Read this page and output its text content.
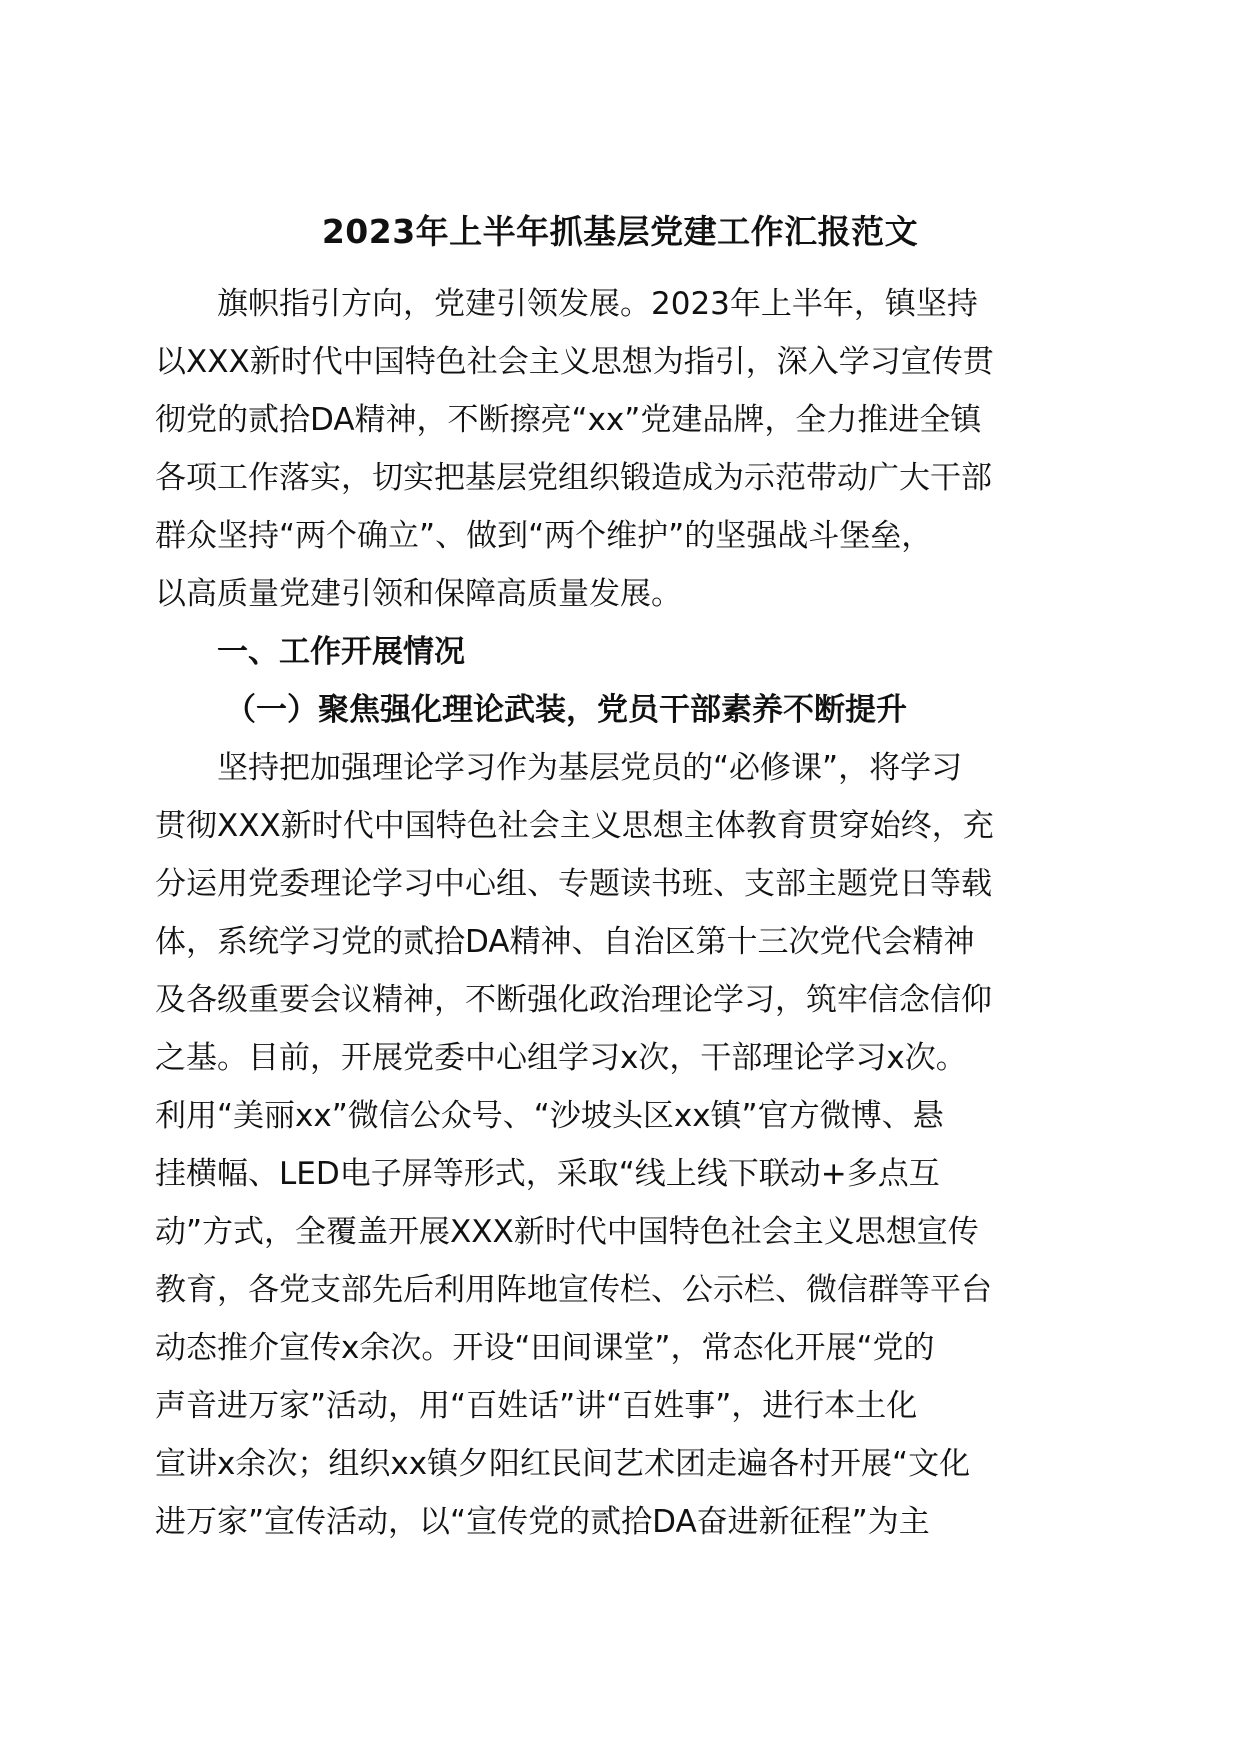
2023年上半年抓基层党建工作汇报范文
旗帜指引方向，党建引领发展。2023年上半年，镇坚持
以XXX新时代中国特色社会主义思想为指引，深入学习宣传贯
彻党的贰拾DA精神，不断擦亮“xx”党建品牌，全力推进全镇
各项工作落实，切实把基层党组织锻造成为示范带动广大干部
群众坚持“两个确立”、做到“两个维护”的坚强战斗堡垒，
以高质量党建引领和保障高质量发展。
一、工作开展情况
（一）聚焦强化理论武装，党员干部素养不断提升
坚持把加强理论学习作为基层党员的“必修课”，将学习
贯彻XXX新时代中国特色社会主义思想主体教育贯穿始终，充
分运用党委理论学习中心组、专题读书班、支部主题党日等载
体，系统学习党的贰拾DA精神、自治区第十三次党代会精神
及各级重要会议精神，不断强化政治理论学习，筑牢信念信仰
之基。目前，开展党委中心组学习x次，干部理论学习x次。
利用“美丽xx”微信公众号、“沙坡头区xx镇”官方微博、悬
挂横幅、LED电子屏等形式，采取“线上线下联动+多点互
动”方式，全覆盖开展XXX新时代中国特色社会主义思想宣传
教育，各党支部先后利用阵地宣传栏、公示栏、微信群等平台
动态推介宣传x余次。开设“田间课堂”，常态化开展“党的
声音进万家”活动，用“百姓话”讲“百姓事”，进行本土化
宣讲x余次；组织xx镇夕阳红民间艺术团走遍各村开展“文化
进万家”宣传活动，以“宣传党的贰拾DA奋进新征程”为主
